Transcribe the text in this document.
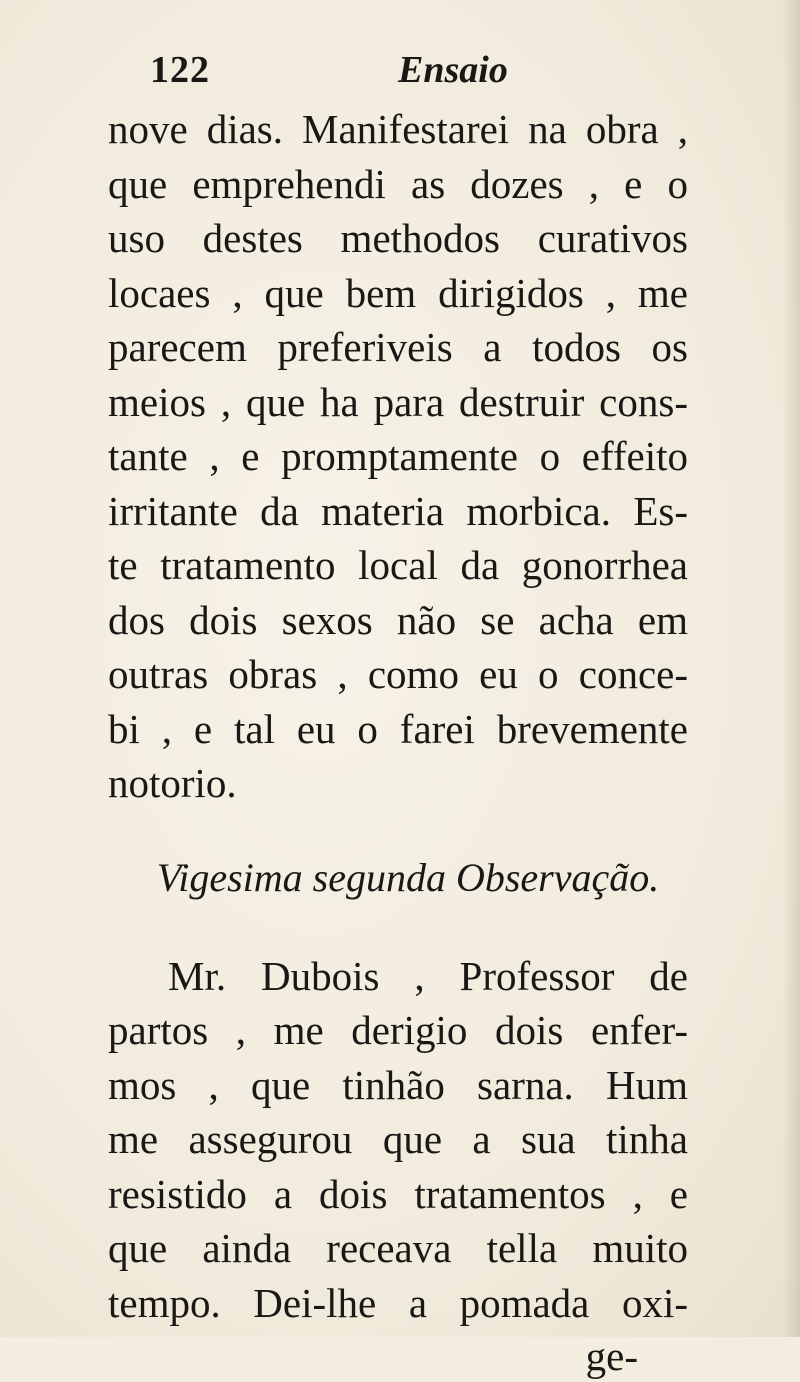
122	Ensaio
nove dias. Manifestarei na obra ,
que emprehendi as dozes , e o
uso destes methodos curativos
locaes , que bem dirigidos , me
parecem preferiveis a todos os
meios , que ha para destruir cons-
tante , e promptamente o effeito
irritante da materia morbica. Es-
te tratamento local da gonorrhea
dos dois sexos não se acha em
outras obras , como eu o conce-
bi , e tal eu o farei brevemente
notorio.
Vigesima segunda Observação.
Mr. Dubois , Professor de
partos , me derigio dois enfer-
mos , que tinhão sarna. Hum
me assegurou que a sua tinha
resistido a dois tratamentos , e
que ainda receava tella muito
tempo. Dei-lhe a pomada oxi-
ge-
